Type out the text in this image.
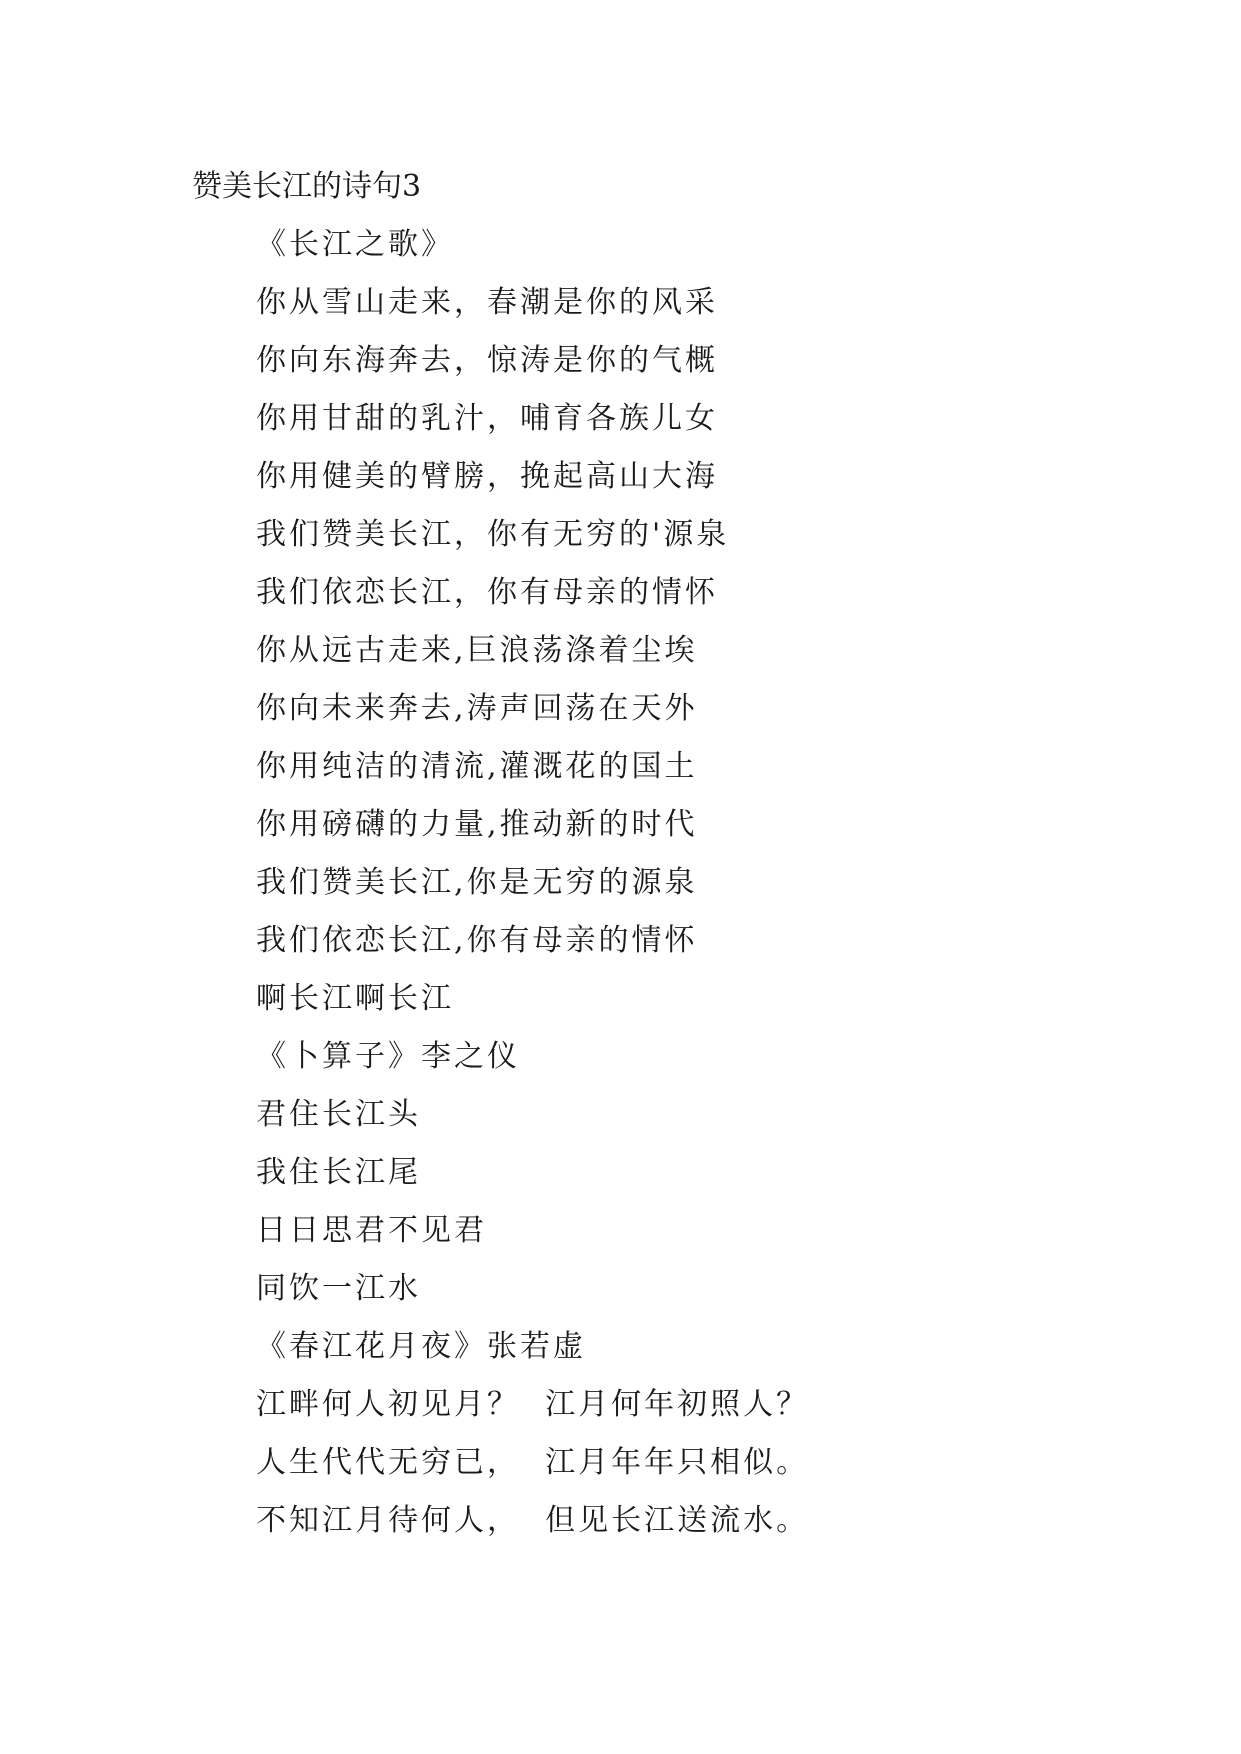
赞美长江的诗句3
《长江之歌》
你从雪山走来，春潮是你的风采
你向东海奔去，惊涛是你的气概
你用甘甜的乳汁，哺育各族儿女
你用健美的臂膀，挽起高山大海
我们赞美长江，你有无穷的'源泉
我们依恋长江，你有母亲的情怀
你从远古走来,巨浪荡涤着尘埃
你向未来奔去,涛声回荡在天外
你用纯洁的清流,灌溉花的国土
你用磅礴的力量,推动新的时代
我们赞美长江,你是无穷的源泉
我们依恋长江,你有母亲的情怀
啊长江啊长江
《卜算子》李之仪
君住长江头
我住长江尾
日日思君不见君
同饮一江水
《春江花月夜》张若虚
江畔何人初见月？  江月何年初照人？
人生代代无穷已，  江月年年只相似。
不知江月待何人，  但见长江送流水。
